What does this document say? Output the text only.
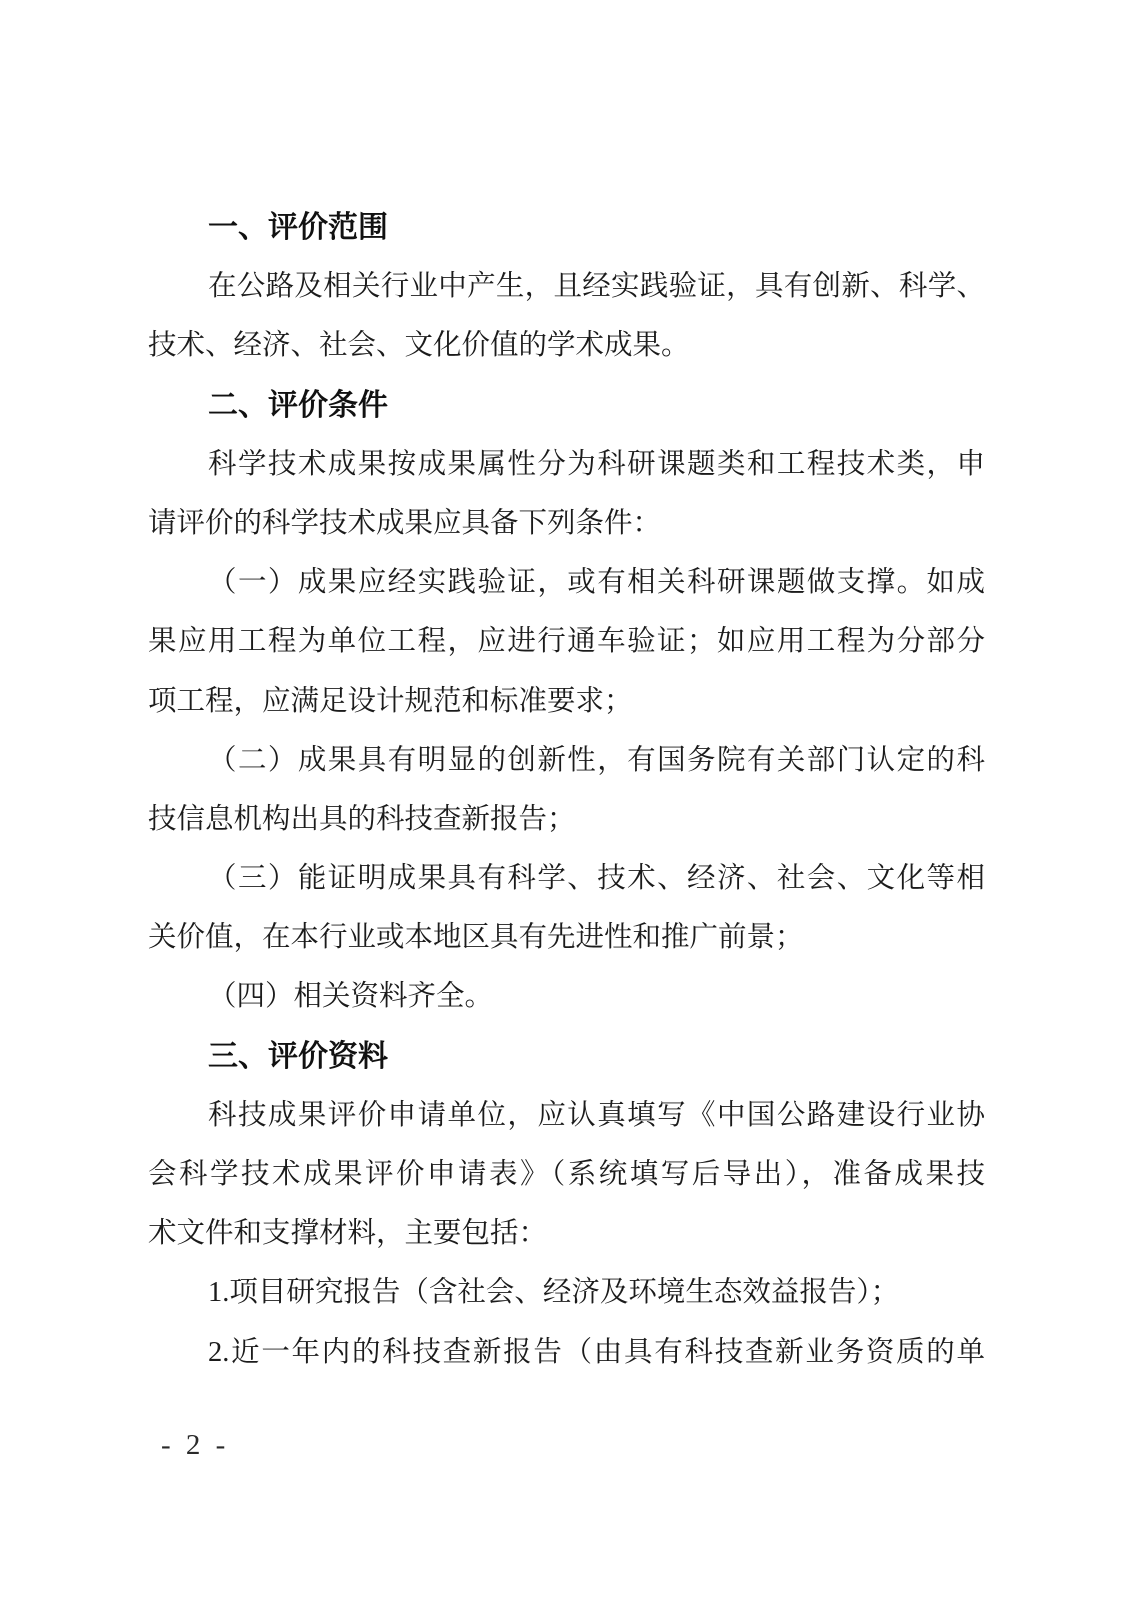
一、评价范围
在公路及相关行业中产生，且经实践验证，具有创新、科学、
技术、经济、社会、文化价值的学术成果。
二、评价条件
科学技术成果按成果属性分为科研课题类和工程技术类，申
请评价的科学技术成果应具备下列条件：
（一）成果应经实践验证，或有相关科研课题做支撑。如成
果应用工程为单位工程，应进行通车验证；如应用工程为分部分
项工程，应满足设计规范和标准要求；
（二）成果具有明显的创新性，有国务院有关部门认定的科
技信息机构出具的科技查新报告；
（三）能证明成果具有科学、技术、经济、社会、文化等相
关价值，在本行业或本地区具有先进性和推广前景；
（四）相关资料齐全。
三、评价资料
科技成果评价申请单位，应认真填写《中国公路建设行业协
会科学技术成果评价申请表》（系统填写后导出），准备成果技
术文件和支撑材料，主要包括：
1.项目研究报告（含社会、经济及环境生态效益报告）；
2.近一年内的科技查新报告（由具有科技查新业务资质的单
- 2 -
